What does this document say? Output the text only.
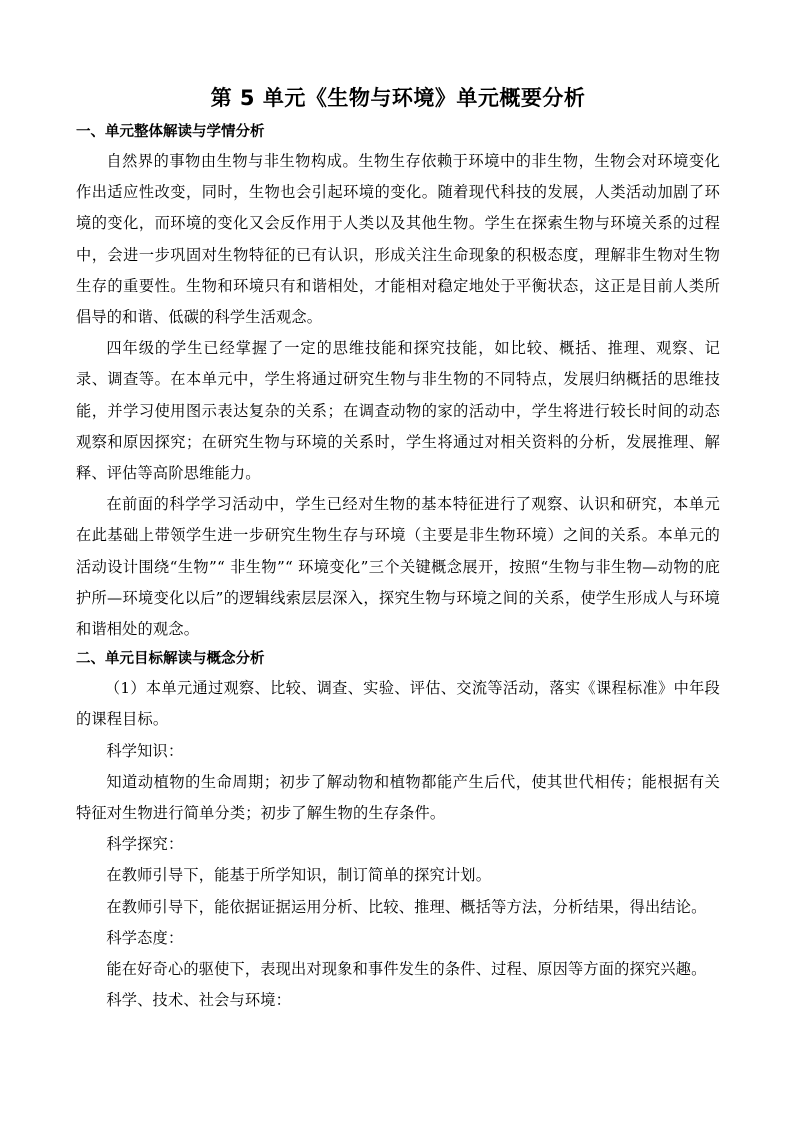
第 5 单元《生物与环境》单元概要分析
一、单元整体解读与学情分析

自然界的事物由生物与非生物构成。生物生存依赖于环境中的非生物，生物会对环境变化作出适应性改变，同时，生物也会引起环境的变化。随着现代科技的发展，人类活动加剧了环境的变化，而环境的变化又会反作用于人类以及其他生物。学生在探索生物与环境关系的过程中，会进一步巩固对生物特征的已有认识，形成关注生命现象的积极态度，理解非生物对生物生存的重要性。生物和环境只有和谐相处，才能相对稳定地处于平衡状态，这正是目前人类所倡导的和谐、低碳的科学生活观念。

四年级的学生已经掌握了一定的思维技能和探究技能，如比较、概括、推理、观察、记录、调查等。在本单元中，学生将通过研究生物与非生物的不同特点，发展归纳概括的思维技能，并学习使用图示表达复杂的关系；在调查动物的家的活动中，学生将进行较长时间的动态观察和原因探究；在研究生物与环境的关系时，学生将通过对相关资料的分析，发展推理、解释、评估等高阶思维能力。

在前面的科学学习活动中，学生已经对生物的基本特征进行了观察、认识和研究，本单元在此基础上带领学生进一步研究生物生存与环境（主要是非生物环境）之间的关系。本单元的活动设计围绕“生物”“ 非生物”“ 环境变化”三个关键概念展开，按照“生物与非生物—动物的庇护所—环境变化以后”的逻辑线索层层深入，探究生物与环境之间的关系，使学生形成人与环境和谐相处的观念。

二、单元目标解读与概念分析

（1）本单元通过观察、比较、调查、实验、评估、交流等活动，落实《课程标准》中年段的课程目标。

科学知识：

知道动植物的生命周期；初步了解动物和植物都能产生后代，使其世代相传；能根据有关特征对生物进行简单分类；初步了解生物的生存条件。

科学探究：

在教师引导下，能基于所学知识，制订简单的探究计划。

在教师引导下，能依据证据运用分析、比较、推理、概括等方法，分析结果，得出结论。

科学态度：

能在好奇心的驱使下，表现出对现象和事件发生的条件、过程、原因等方面的探究兴趣。

科学、技术、社会与环境：
